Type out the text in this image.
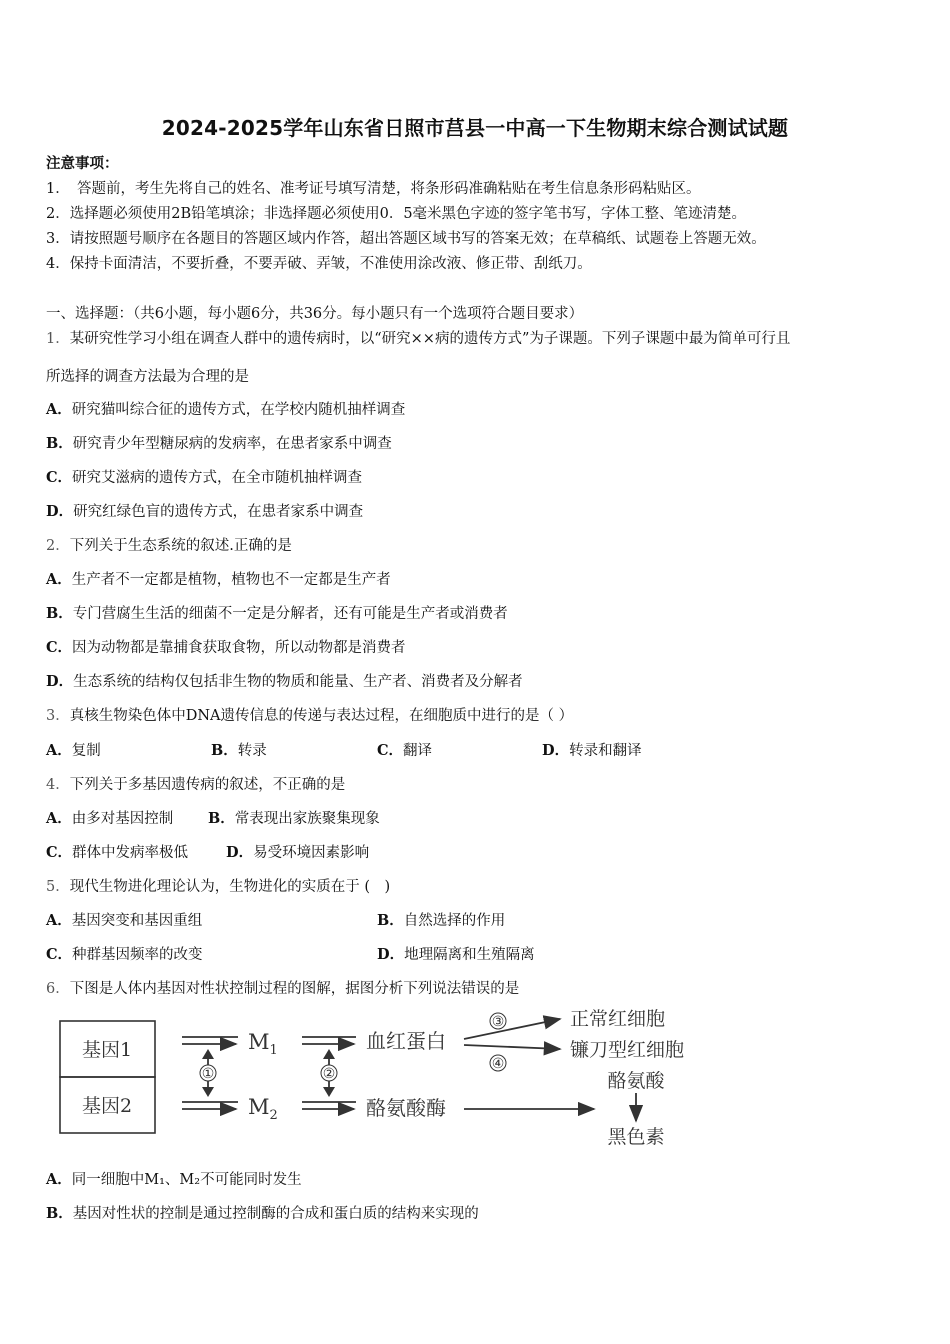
2024-2025学年山东省日照市莒县一中高一下生物期末综合测试试题
注意事项：
1．　答题前，考生先将自己的姓名、准考证号填写清楚，将条形码准确粘贴在考生信息条形码粘贴区。
2．选择题必须使用2B铅笔填涂；非选择题必须使用0．5毫米黑色字迹的签字笔书写，字体工整、笔迹清楚。
3．请按照题号顺序在各题目的答题区域内作答，超出答题区域书写的答案无效；在草稿纸、试题卷上答题无效。
4．保持卡面清洁，不要折叠，不要弄破、弄皱，不准使用涂改液、修正带、刮纸刀。
一、选择题：（共6小题，每小题6分，共36分。每小题只有一个选项符合题目要求）
1．某研究性学习小组在调查人群中的遗传病时，以“研究××病的遗传方式”为子课题。下列子课题中最为简单可行且
所选择的调查方法最为合理的是
A．研究猫叫综合征的遗传方式，在学校内随机抽样调查
B．研究青少年型糖尿病的发病率，在患者家系中调查
C．研究艾滋病的遗传方式，在全市随机抽样调查
D．研究红绿色盲的遗传方式，在患者家系中调查
2．下列关于生态系统的叙述.正确的是
A．生产者不一定都是植物，植物也不一定都是生产者
B．专门营腐生生活的细菌不一定是分解者，还有可能是生产者或消费者
C．因为动物都是靠捕食获取食物，所以动物都是消费者
D．生态系统的结构仅包括非生物的物质和能量、生产者、消费者及分解者
3．真核生物染色体中DNA遗传信息的传递与表达过程，在细胞质中进行的是（ ）
A．复制	B．转录	C．翻译	D．转录和翻译
4．下列关于多基因遗传病的叙述，不正确的是
A．由多对基因控制 B．常表现出家族聚集现象
C．群体中发病率极低	D．易受环境因素影响
5．现代生物进化理论认为，生物进化的实质在于 (　)
A．基因突变和基因重组	B．自然选择的作用
C．种群基因频率的改变	D．地理隔离和生殖隔离
6．下图是人体内基因对性状控制过程的图解，据图分析下列说法错误的是
基因1
基因2
$M_1$
$M_2$
①	②
血红蛋白
酪氨酸酶
③
④
正常红细胞
镰刀型红细胞
酪氨酸
黑色素
A．同一细胞中M₁、M₂不可能同时发生
B．基因对性状的控制是通过控制酶的合成和蛋白质的结构来实现的
